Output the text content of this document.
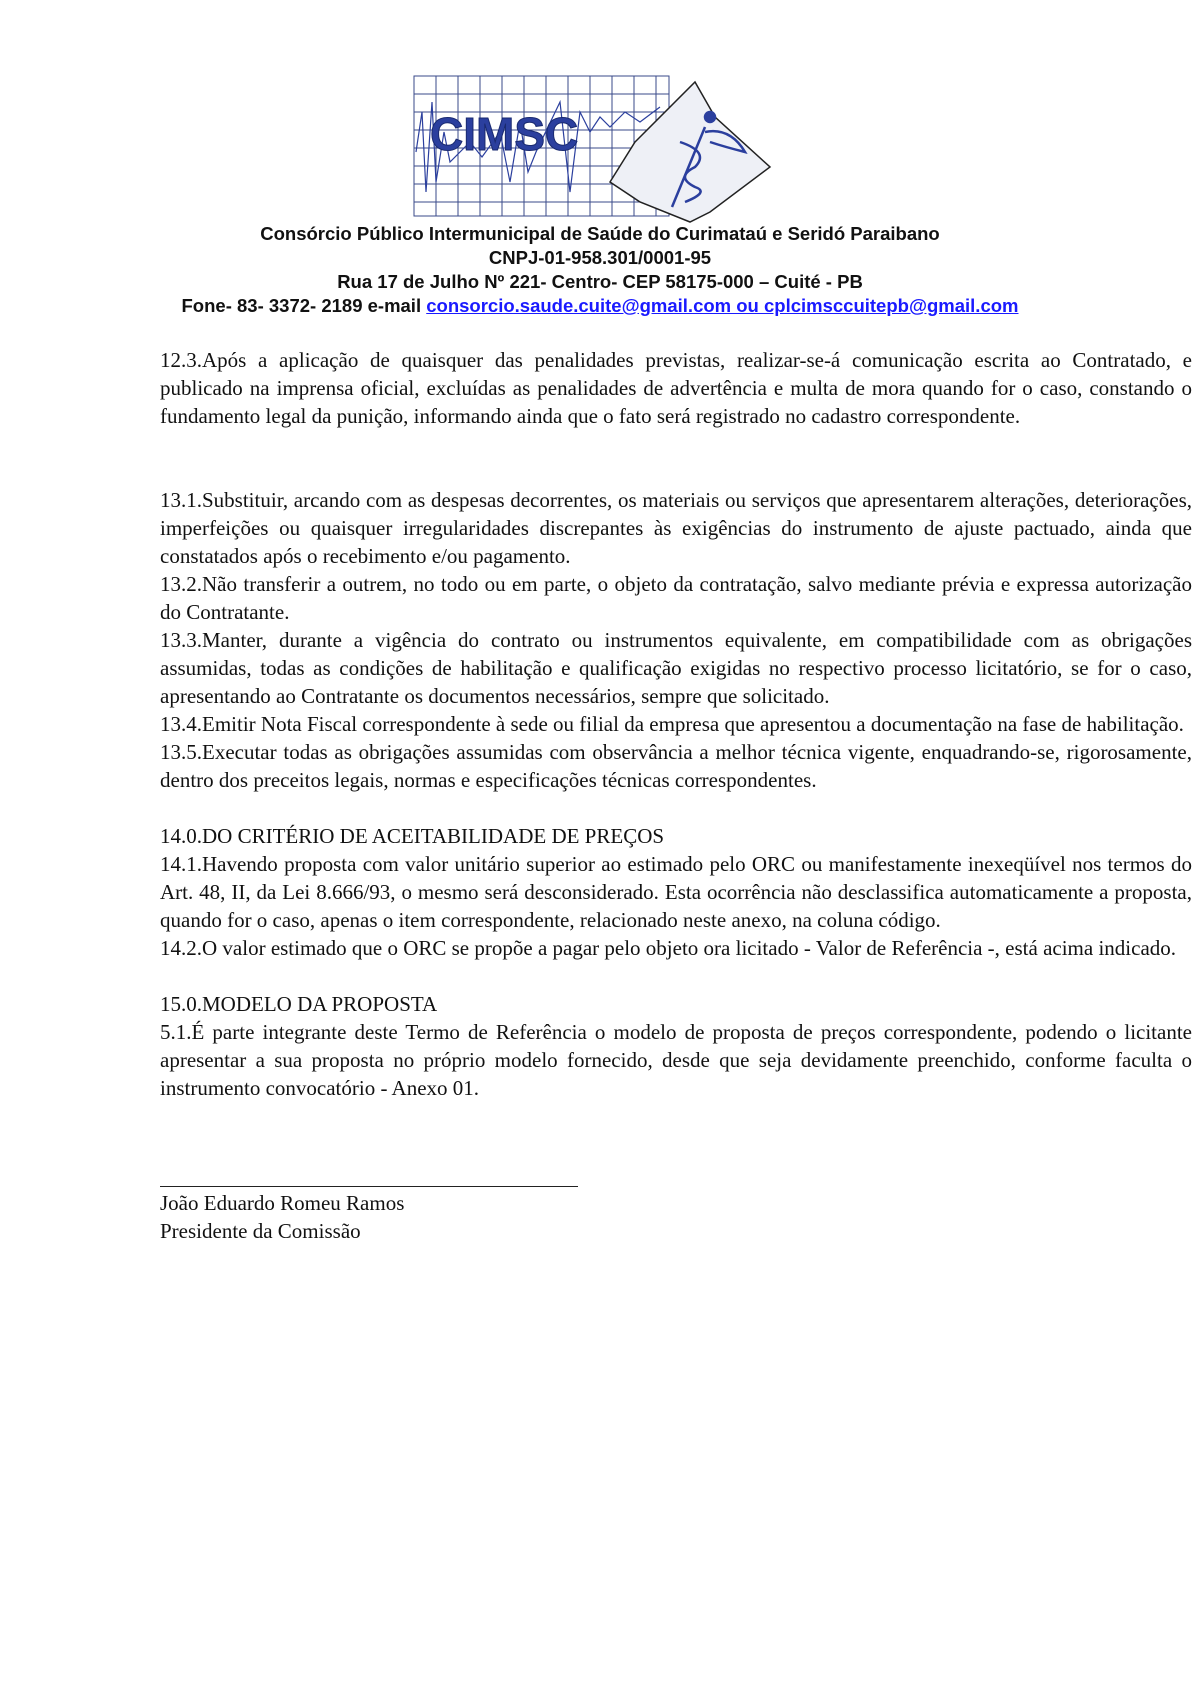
CIMSC
Consórcio Público Intermunicipal de Saúde do Curimataú e Seridó Paraibano
CNPJ-01-958.301/0001-95
Rua 17 de Julho Nº 221- Centro- CEP 58175-000 – Cuité - PB
Fone- 83- 3372- 2189 e-mail consorcio.saude.cuite@gmail.com ou cplcimsccuitepb@gmail.com

12.3.Após a aplicação de quaisquer das penalidades previstas, realizar-se-á comunicação escrita ao Contratado, e publicado na imprensa oficial, excluídas as penalidades de advertência e multa de mora quando for o caso, constando o fundamento legal da punição, informando ainda que o fato será registrado no cadastro correspondente.

13.1.Substituir, arcando com as despesas decorrentes, os materiais ou serviços que apresentarem alterações, deteriorações, imperfeições ou quaisquer irregularidades discrepantes às exigências do instrumento de ajuste pactuado, ainda que constatados após o recebimento e/ou pagamento.

13.2.Não transferir a outrem, no todo ou em parte, o objeto da contratação, salvo mediante prévia e expressa autorização do Contratante.

13.3.Manter, durante a vigência do contrato ou instrumentos equivalente, em compatibilidade com as obrigações assumidas, todas as condições de habilitação e qualificação exigidas no respectivo processo licitatório, se for o caso, apresentando ao Contratante os documentos necessários, sempre que solicitado.

13.4.Emitir Nota Fiscal correspondente à sede ou filial da empresa que apresentou a documentação na fase de habilitação.

13.5.Executar todas as obrigações assumidas com observância a melhor técnica vigente, enquadrando-se, rigorosamente, dentro dos preceitos legais, normas e especificações técnicas correspondentes.

14.0.DO CRITÉRIO DE ACEITABILIDADE DE PREÇOS

14.1.Havendo proposta com valor unitário superior ao estimado pelo ORC ou manifestamente inexeqüível nos termos do Art. 48, II, da Lei 8.666/93, o mesmo será desconsiderado. Esta ocorrência não desclassifica automaticamente a proposta, quando for o caso, apenas o item correspondente, relacionado neste anexo, na coluna código.

14.2.O valor estimado que o ORC se propõe a pagar pelo objeto ora licitado - Valor de Referência -, está acima indicado.

15.0.MODELO DA PROPOSTA

5.1.É parte integrante deste Termo de Referência o modelo de proposta de preços correspondente, podendo o licitante apresentar a sua proposta no próprio modelo fornecido, desde que seja devidamente preenchido, conforme faculta o instrumento convocatório - Anexo 01.

João Eduardo Romeu Ramos

Presidente da Comissão
